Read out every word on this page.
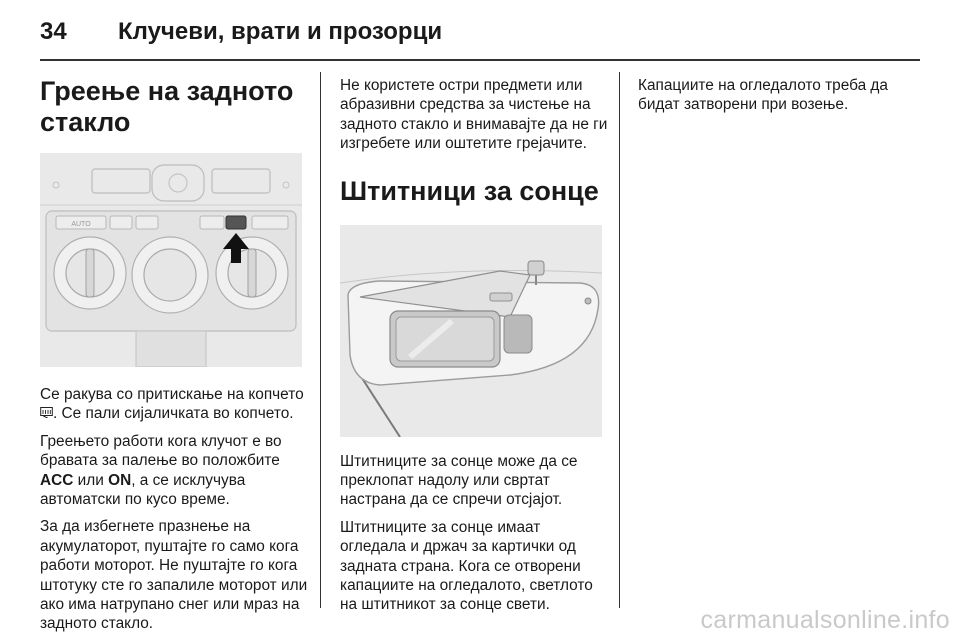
34 Клучеви, врати и прозорци
Греење на задното стакло
AUTO

Се ракува со притискање на копчето . Се пали сијаличката во копчето.

Греењето работи кога клучот е во бравата за палење во положбите ACC или ON, а се исклучува автоматски по кусо време.

За да избегнете празнење на акумулаторот, пуштајте го само кога работи моторот. Не пуштајте го кога штотуку сте го запалиле моторот или ако има натрупано снег или мраз на задното стакло.

Не користете остри предмети или абразивни средства за чистење на задното стакло и внимавајте да не ги изгребете или оштетите грејачите.

Штитници за сонце

Штитниците за сонце може да се преклопат надолу или свртат настрана да се спречи отсјајот.

Штитниците за сонце имаат огледала и држач за картички од задната страна. Кога се отворени капациите на огледалото, светлото на штитникот за сонце свети.

Капациите на огледалото треба да бидат затворени при возење.

carmanualsonline.info
